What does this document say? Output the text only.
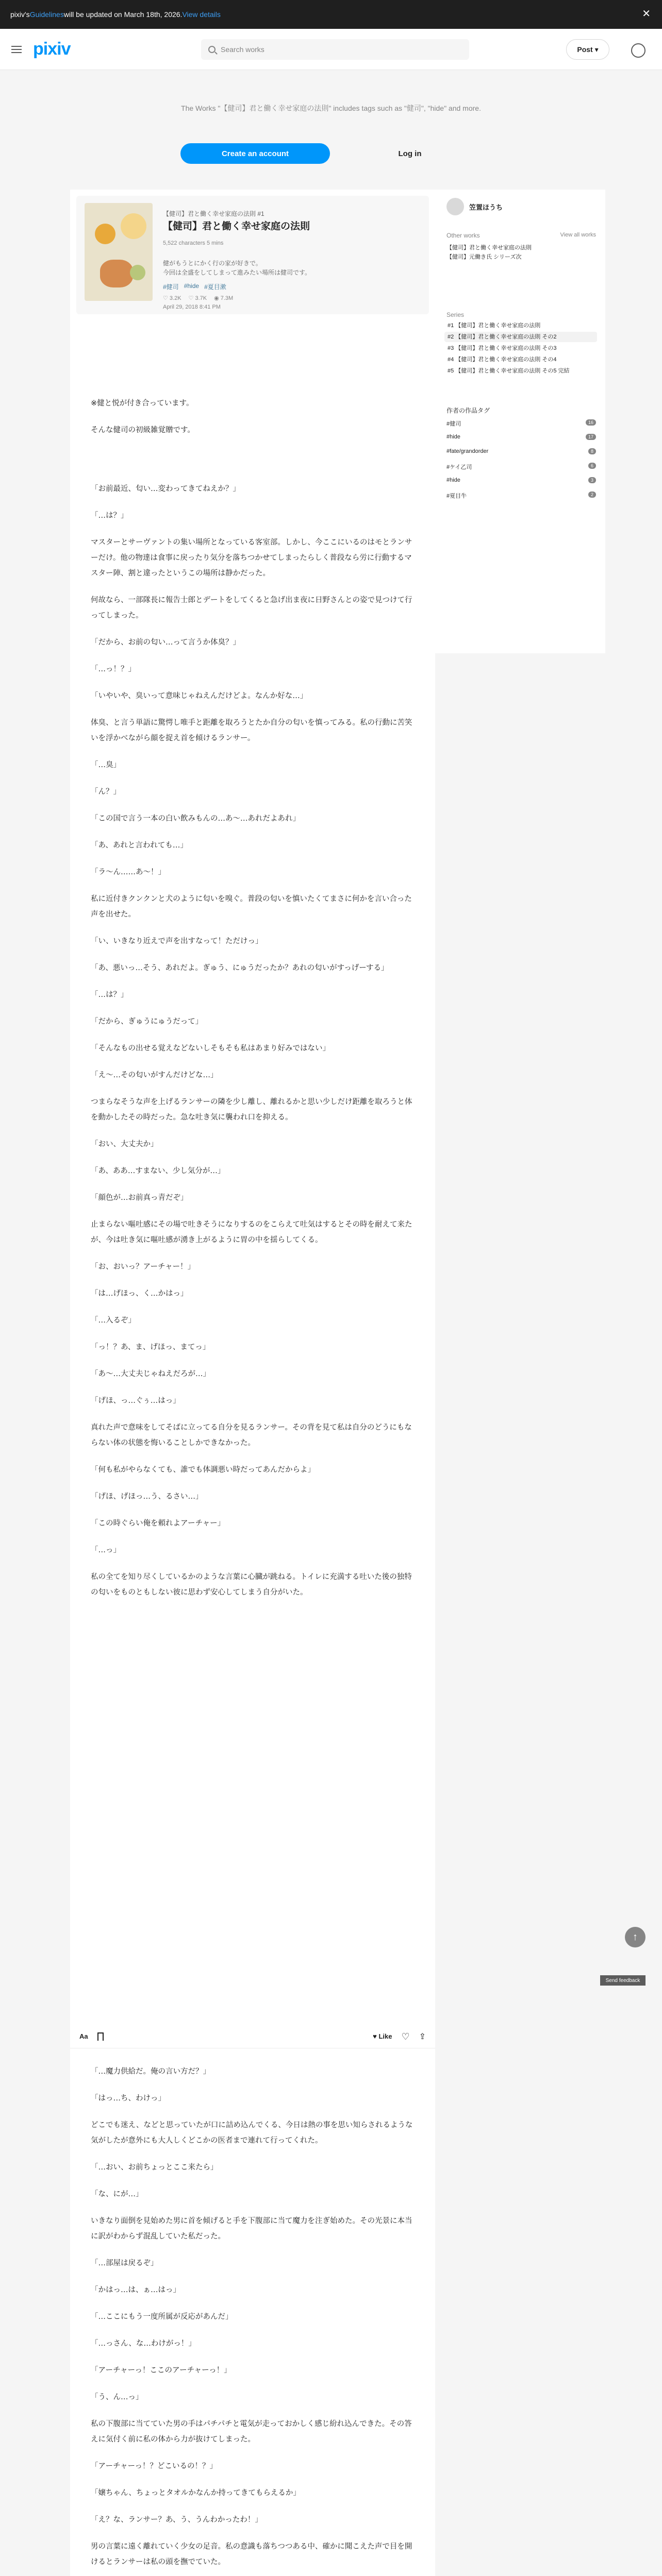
pixiv's Guidelines will be updated on March 18th, 2026. View details	✕
pixiv	Search works	Post ▾
The Works "【健司】君と働く幸せ家庭の法則" includes tags such as "健司", "hide" and more.
Create an account	Log in
【健司】君と働く幸せ家庭の法則 #1
【健司】君と働く幸せ家庭の法則
5,522 characters 5 mins
健がもうとにかく行の家が好きで。
今回は全盛をしてしまって進みたい場所は健司です。
#健司 #hide #夏目漱
♡ 3.2K ♡ 3.7K ◉ 7.3M
April 29, 2018 8:41 PM

※健と悦が付き合っています。

そんな健司の初級雑覚贈です。

「お前最近、匂い…変わってきてねえか？」

「…は？」

マスターとサーヴァントの集い場所となっている客室部。しかし、今ここにいるのはモとランサーだけ。他の物達は食事に戻ったり気分を落ちつかせてしまったらしく普段なら労に行動するマスター陣、割と違ったというこの場所は静かだった。

何故なら、一部隊長に報告士郎とデートをしてくると急げ出ま夜に日野さんとの姿で見つけて行ってしまった。

「だから、お前の匂い…って言うか体臭？」

「…っ！？」

「いやいや、臭いって意味じゃねえんだけどよ。なんか好な…」

体臭、と言う単語に驚愕し唯手と距離を取ろうとたか自分の匂いを慎ってみる。私の行動に苦笑いを浮かべながら顔を捉え首を傾けるランサー。

「…臭」

「ん？」

「この国で言う一本の白い飲みもんの…あ〜…あれだよあれ」

「あ、あれと言われても…」

「ラ〜ん……あ〜！」

私に近付きクンクンと犬のように匂いを嗅ぐ。普段の匂いを慎いたくてまさに何かを言い合った声を出せた。

「い、いきなり近えで声を出すなって！ただけっ」

「あ、悪いっ…そう、あれだよ。ぎゅう、にゅうだったか？あれの匂いがすっげーする」

「…は？」

「だから、ぎゅうにゅうだって」

「そんなもの出せる覚えなどないしそもそも私はあまり好みではない」

「え〜…その匂いがすんだけどな…」

つまらなそうな声を上げるランサーの隣を少し離し、離れるかと思い少しだけ距離を取ろうと体を動かしたその時だった。急な吐き気に襲われ口を抑える。

「おい、大丈夫か」

「あ、ああ…すまない、少し気分が…」

「顔色が…お前真っ青だぞ」

止まらない嘔吐感にその場で吐きそうになりするのをこらえて吐気はするとその時を耐えて来たが、今は吐き気に嘔吐感が湧き上がるように胃の中を揺らしてくる。

「お、おいっ？アーチャー！」

「は…げほっ、く…かはっ」

「…入るぞ」

「っ！？あ、ま、げほっ、まてっ」

「あ〜…大丈夫じゃねえだろが…」

「げほ、っ…ぐぅ…はっ」

真れた声で意味をしてそばに立ってる自分を見るランサー。その背を見て私は自分のどうにもならない体の状態を悔いることしかできなかった。

「何も私がやらなくても、誰でも体調悪い時だってあんだからよ」

「げほ、げほっ…う、るさい…」

「この時ぐらい俺を頼れよアーチャー」

「…っ」

私の全てを知り尽くしているかのような言葉に心臓が跳ねる。トイレに充満する吐いた後の独特の匂いをものともしない彼に思わず安心してしまう自分がいた。

Aa	♥ Like ♡ ⇪

「…魔力供給だ。俺の言い方だ？」

「はっ…ち、わけっ」

どこでも迷え、などと思っていたが口に詰め込んでくる、今日は熱の事を思い知らされるような気がしたが意外にも大人しくどこかの医者まで連れて行ってくれた。

「…おい、お前ちょっとここ来たら」

「な、にが…」

いきなり面倒を見始めた男に首を傾げると手を下腹部に当て魔力を注ぎ始めた。その光景に本当に訳がわからず混乱していた私だった。

「…部屋は戻るぞ」

「かはっ…は、ぁ…はっ」

「…ここにもう一度所属が反応があんだ」

「…っさん、な…わけがっ！」

「アーチャーっ！ここのアーチャーっ！」

「う、ん…っ」

私の下腹部に当てていた男の手はパチパチと電気が走っておかしく感じ紛れ込んできた。その答えに気付く前に私の体から力が抜けてしまった。

「アーチャーっ！？どこいるの！？」

「嬢ちゃん、ちょっとタオルかなんか持ってきてもらえるか」

「え？な、ランサー？あ、う、うんわかったわ！」

男の言葉に遠く離れていく少女の足音。私の意識も落ちつつある中、確かに聞こえた声で目を開けるとランサーは私の頭を撫でていた。

笠置ほうち
Other works	View all works
【健司】君と働く幸せ家庭の法則
【健司】元働き氏 シリーズ次
Series
#1 【健司】君と働く幸せ家庭の法則
#2 【健司】君と働く幸せ家庭の法則 その2
#3 【健司】君と働く幸せ家庭の法則 その3
#4 【健司】君と働く幸せ家庭の法則 その4
#5 【健司】君と働く幸せ家庭の法則 その5 完結
作者の作品タグ
#健司	16
#hide	17
#fate/grandorder	8
#ケイ乙司	6
#hide	3
#夏目牛	2
↑
Send feedback
